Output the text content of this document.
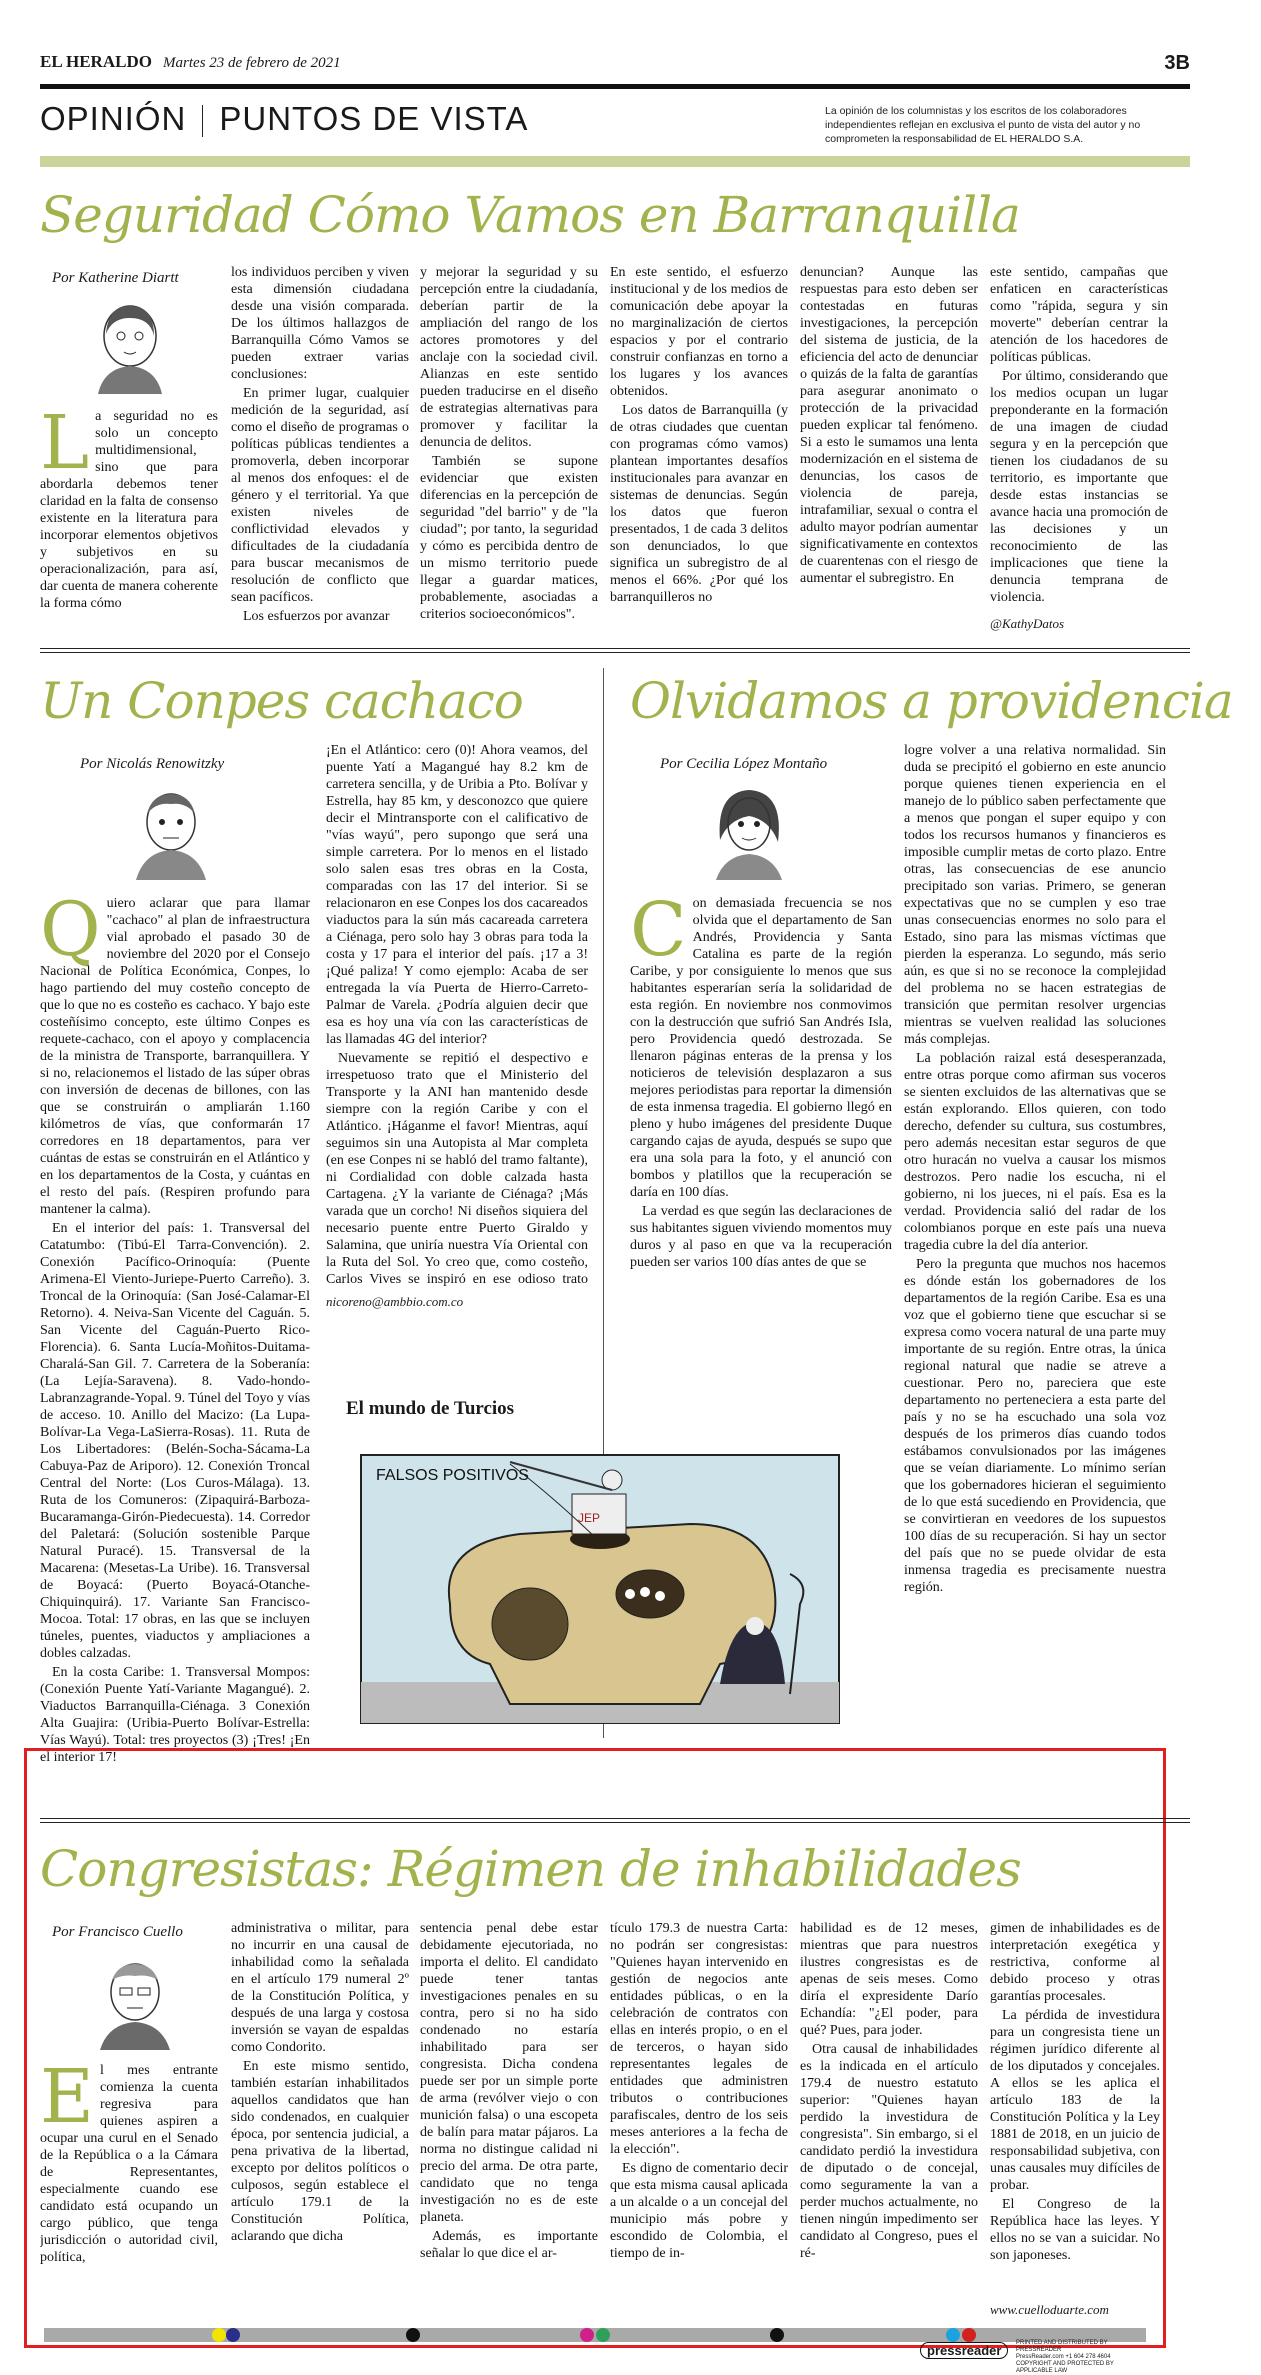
EL HERALDO Martes 23 de febrero de 2021	3B
OPINIÓN PUNTOS DE VISTA	La opinión de los columnistas y los escritos de los colaboradores independientes reflejan en exclusiva el punto de vista del autor y no comprometen la responsabilidad de EL HERALDO S.A.
Seguridad Cómo Vamos en Barranquilla
Por Katherine Diartt
L a seguridad no es solo un concepto multidimensional, sino que para abordarla debemos tener claridad en la falta de consenso existente en la literatura para incorporar elementos objetivos y subjetivos en su operacionalización, para así, dar cuenta de manera coherente la forma cómo

los individuos perciben y viven esta dimensión ciudadana desde una visión comparada. De los últimos hallazgos de Barranquilla Cómo Vamos se pueden extraer varias conclusiones:

En primer lugar, cualquier medición de la seguridad, así como el diseño de programas o políticas públicas tendientes a promoverla, deben incorporar al menos dos enfoques: el de género y el territorial. Ya que existen niveles de conflictividad elevados y dificultades de la ciudadanía para buscar mecanismos de resolución de conflicto que sean pacíficos.

Los esfuerzos por avanzar

y mejorar la seguridad y su percepción entre la ciudadanía, deberían partir de la ampliación del rango de los actores promotores y del anclaje con la sociedad civil. Alianzas en este sentido pueden traducirse en el diseño de estrategias alternativas para promover y facilitar la denuncia de delitos.

También se supone evidenciar que existen diferencias en la percepción de seguridad "del barrio" y de "la ciudad"; por tanto, la seguridad y cómo es percibida dentro de un mismo territorio puede llegar a guardar matices, probablemente, asociadas a criterios socioeconómicos".

En este sentido, el esfuerzo institucional y de los medios de comunicación debe apoyar la no marginalización de ciertos espacios y por el contrario construir confianzas en torno a los lugares y los avances obtenidos.

Los datos de Barranquilla (y de otras ciudades que cuentan con programas cómo vamos) plantean importantes desafíos institucionales para avanzar en sistemas de denuncias. Según los datos que fueron presentados, 1 de cada 3 delitos son denunciados, lo que significa un subregistro de al menos el 66%. ¿Por qué los barranquilleros no

denuncian? Aunque las respuestas para esto deben ser contestadas en futuras investigaciones, la percepción del sistema de justicia, de la eficiencia del acto de denunciar o quizás de la falta de garantías para asegurar anonimato o protección de la privacidad pueden explicar tal fenómeno. Si a esto le sumamos una lenta modernización en el sistema de denuncias, los casos de violencia de pareja, intrafamiliar, sexual o contra el adulto mayor podrían aumentar significativamente en contextos de cuarentenas con el riesgo de aumentar el subregistro. En

este sentido, campañas que enfaticen en características como "rápida, segura y sin moverte" deberían centrar la atención de los hacedores de políticas públicas.

Por último, considerando que los medios ocupan un lugar preponderante en la formación de una imagen de ciudad segura y en la percepción que tienen los ciudadanos de su territorio, es importante que desde estas instancias se avance hacia una promoción de las decisiones y un reconocimiento de las implicaciones que tiene la denuncia temprana de violencia.

@KathyDatos
Un Conpes cachaco
Por Nicolás Renowitzky
Q uiero aclarar que para llamar "cachaco" al plan de infraestructura vial aprobado el pasado 30 de noviembre del 2020 por el Consejo Nacional de Política Económica, Conpes, lo hago partiendo del muy costeño concepto de que lo que no es costeño es cachaco. Y bajo este costeñísimo concepto, este último Conpes es requete-cachaco, con el apoyo y complacencia de la ministra de Transporte, barranquillera. Y si no, relacionemos el listado de las súper obras con inversión de decenas de billones, con las que se construirán o ampliarán 1.160 kilómetros de vías, que conformarán 17 corredores en 18 departamentos, para ver cuántas de estas se construirán en el Atlántico y en los departamentos de la Costa, y cuántas en el resto del país. (Respiren profundo para mantener la calma).

En el interior del país: 1. Transversal del Catatumbo: (Tibú-El Tarra-Convención). 2. Conexión Pacífico-Orinoquía: (Puente Arimena-El Viento-Juriepe-Puerto Carreño). 3. Troncal de la Orinoquía: (San José-Calamar-El Retorno). 4. Neiva-San Vicente del Caguán. 5. San Vicente del Caguán-Puerto Rico-Florencia). 6. Santa Lucía-Moñitos-Duitama-Charalá-San Gil. 7. Carretera de la Soberanía: (La Lejía-Saravena). 8. Vado-hondo-Labranzagrande-Yopal. 9. Túnel del Toyo y vías de acceso. 10. Anillo del Macizo: (La Lupa-Bolívar-La Vega-LaSierra-Rosas). 11. Ruta de Los Libertadores: (Belén-Socha-Sácama-La Cabuya-Paz de Ariporo). 12. Conexión Troncal Central del Norte: (Los Curos-Málaga). 13. Ruta de los Comuneros: (Zipaquirá-Barboza-Bucaramanga-Girón-Piedecuesta). 14. Corredor del Paletará: (Solución sostenible Parque Natural Puracé). 15. Transversal de la Macarena: (Mesetas-La Uribe). 16. Transversal de Boyacá: (Puerto Boyacá-Otanche-Chiquinquirá). 17. Variante San Francisco-Mocoa. Total: 17 obras, en las que se incluyen túneles, puentes, viaductos y ampliaciones a dobles calzadas.

En la costa Caribe: 1. Transversal Mompos: (Conexión Puente Yatí-Variante Magangué). 2. Viaductos Barranquilla-Ciénaga. 3 Conexión Alta Guajira: (Uribia-Puerto Bolívar-Estrella: Vías Wayú). Total: tres proyectos (3) ¡Tres! ¡En el interior 17!

¡En el Atlántico: cero (0)! Ahora veamos, del puente Yatí a Magangué hay 8.2 km de carretera sencilla, y de Uribia a Pto. Bolívar y Estrella, hay 85 km, y desconozco que quiere decir el Mintransporte con el calificativo de "vías wayú", pero supongo que será una simple carretera. Por lo menos en el listado solo salen esas tres obras en la Costa, comparadas con las 17 del interior. Si se relacionaron en ese Conpes los dos cacareados viaductos para la sún más cacareada carretera a Ciénaga, pero solo hay 3 obras para toda la costa y 17 para el interior del país. ¡17 a 3! ¡Qué paliza! Y como ejemplo: Acaba de ser entregada la vía Puerta de Hierro-Carreto-Palmar de Varela. ¿Podría alguien decir que esa es hoy una vía con las características de las llamadas 4G del interior?

Nuevamente se repitió el despectivo e irrespetuoso trato que el Ministerio del Transporte y la ANI han mantenido desde siempre con la región Caribe y con el Atlántico. ¡Háganme el favor! Mientras, aquí seguimos sin una Autopista al Mar completa (en ese Conpes ni se habló del tramo faltante), ni Cordialidad con doble calzada hasta Cartagena. ¿Y la variante de Ciénaga? ¡Más varada que un corcho! Ni diseños siquiera del necesario puente entre Puerto Giraldo y Salamina, que uniría nuestra Vía Oriental con la Ruta del Sol. Yo creo que, como costeño, Carlos Vives se inspiró en ese odioso trato

nicoreno@ambbio.com.co
El mundo de Turcios
FALSOS POSITIVOS
JEP
Olvidamos a providencia
Por Cecilia López Montaño
C on demasiada frecuencia se nos olvida que el departamento de San Andrés, Providencia y Santa Catalina es parte de la región Caribe, y por consiguiente lo menos que sus habitantes esperarían sería la solidaridad de esta región. En noviembre nos conmovimos con la destrucción que sufrió San Andrés Isla, pero Providencia quedó destrozada. Se llenaron páginas enteras de la prensa y los noticieros de televisión desplazaron a sus mejores periodistas para reportar la dimensión de esta inmensa tragedia. El gobierno llegó en pleno y hubo imágenes del presidente Duque cargando cajas de ayuda, después se supo que era una sola para la foto, y el anunció con bombos y platillos que la recuperación se daría en 100 días.

La verdad es que según las declaraciones de sus habitantes siguen viviendo momentos muy duros y al paso en que va la recuperación pueden ser varios 100 días antes de que se

logre volver a una relativa normalidad. Sin duda se precipitó el gobierno en este anuncio porque quienes tienen experiencia en el manejo de lo público saben perfectamente que a menos que pongan el super equipo y con todos los recursos humanos y financieros es imposible cumplir metas de corto plazo. Entre otras, las consecuencias de ese anuncio precipitado son varias. Primero, se generan expectativas que no se cumplen y eso trae unas consecuencias enormes no solo para el Estado, sino para las mismas víctimas que pierden la esperanza. Lo segundo, más serio aún, es que si no se reconoce la complejidad del problema no se hacen estrategias de transición que permitan resolver urgencias mientras se vuelven realidad las soluciones más complejas.

La población raizal está desesperanzada, entre otras porque como afirman sus voceros se sienten excluidos de las alternativas que se están explorando. Ellos quieren, con todo derecho, defender su cultura, sus costumbres, pero además necesitan estar seguros de que otro huracán no vuelva a causar los mismos destrozos. Pero nadie los escucha, ni el gobierno, ni los jueces, ni el país. Esa es la verdad. Providencia salió del radar de los colombianos porque en este país una nueva tragedia cubre la del día anterior.

Pero la pregunta que muchos nos hacemos es dónde están los gobernadores de los departamentos de la región Caribe. Esa es una voz que el gobierno tiene que escuchar si se expresa como vocera natural de una parte muy importante de su región. Entre otras, la única regional natural que nadie se atreve a cuestionar. Pero no, pareciera que este departamento no perteneciera a esta parte del país y no se ha escuchado una sola voz después de los primeros días cuando todos estábamos convulsionados por las imágenes que se veían diariamente. Lo mínimo serían que los gobernadores hicieran el seguimiento de lo que está sucediendo en Providencia, que se convirtieran en veedores de los supuestos 100 días de su recuperación. Si hay un sector del país que no se puede olvidar de esta inmensa tragedia es precisamente nuestra región.

Congresistas: Régimen de inhabilidades
Por Francisco Cuello
E l mes entrante comienza la cuenta regresiva para quienes aspiren a ocupar una curul en el Senado de la República o a la Cámara de Representantes, especialmente cuando ese candidato está ocupando un cargo público, que tenga jurisdicción o autoridad civil, política,

administrativa o militar, para no incurrir en una causal de inhabilidad como la señalada en el artículo 179 numeral 2º de la Constitución Política, y después de una larga y costosa inversión se vayan de espaldas como Condorito.

En este mismo sentido, también estarían inhabilitados aquellos candidatos que han sido condenados, en cualquier época, por sentencia judicial, a pena privativa de la libertad, excepto por delitos políticos o culposos, según establece el artículo 179.1 de la Constitución Política, aclarando que dicha

sentencia penal debe estar debidamente ejecutoriada, no importa el delito. El candidato puede tener tantas investigaciones penales en su contra, pero si no ha sido condenado no estaría inhabilitado para ser congresista. Dicha condena puede ser por un simple porte de arma (revólver viejo o con munición falsa) o una escopeta de balín para matar pájaros. La norma no distingue calidad ni precio del arma. De otra parte, candidato que no tenga investigación no es de este planeta.

Además, es importante señalar lo que dice el ar-

tículo 179.3 de nuestra Carta: no podrán ser congresistas: "Quienes hayan intervenido en gestión de negocios ante entidades públicas, o en la celebración de contratos con ellas en interés propio, o en el de terceros, o hayan sido representantes legales de entidades que administren tributos o contribuciones parafiscales, dentro de los seis meses anteriores a la fecha de la elección".

Es digno de comentario decir que esta misma causal aplicada a un alcalde o a un concejal del municipio más pobre y escondido de Colombia, el tiempo de in-

habilidad es de 12 meses, mientras que para nuestros ilustres congresistas es de apenas de seis meses. Como diría el expresidente Darío Echandía: "¿El poder, para qué? Pues, para joder.

Otra causal de inhabilidades es la indicada en el artículo 179.4 de nuestro estatuto superior: "Quienes hayan perdido la investidura de congresista". Sin embargo, si el candidato perdió la investidura de diputado o de concejal, como seguramente la van a perder muchos actualmente, no tienen ningún impedimento ser candidato al Congreso, pues el ré-

gimen de inhabilidades es de interpretación exegética y restrictiva, conforme al debido proceso y otras garantías procesales.

La pérdida de investidura para un congresista tiene un régimen jurídico diferente al de los diputados y concejales. A ellos se les aplica el artículo 183 de la Constitución Política y la Ley 1881 de 2018, en un juicio de responsabilidad subjetiva, con unas causales muy difíciles de probar.

El Congreso de la República hace las leyes. Y ellos no se van a suicidar. No son japoneses.

www.cuelloduarte.com
pressreader PRINTED AND DISTRIBUTED BY PRESSREADER
PressReader.com +1 604 278 4604
COPYRIGHT AND PROTECTED BY APPLICABLE LAW
